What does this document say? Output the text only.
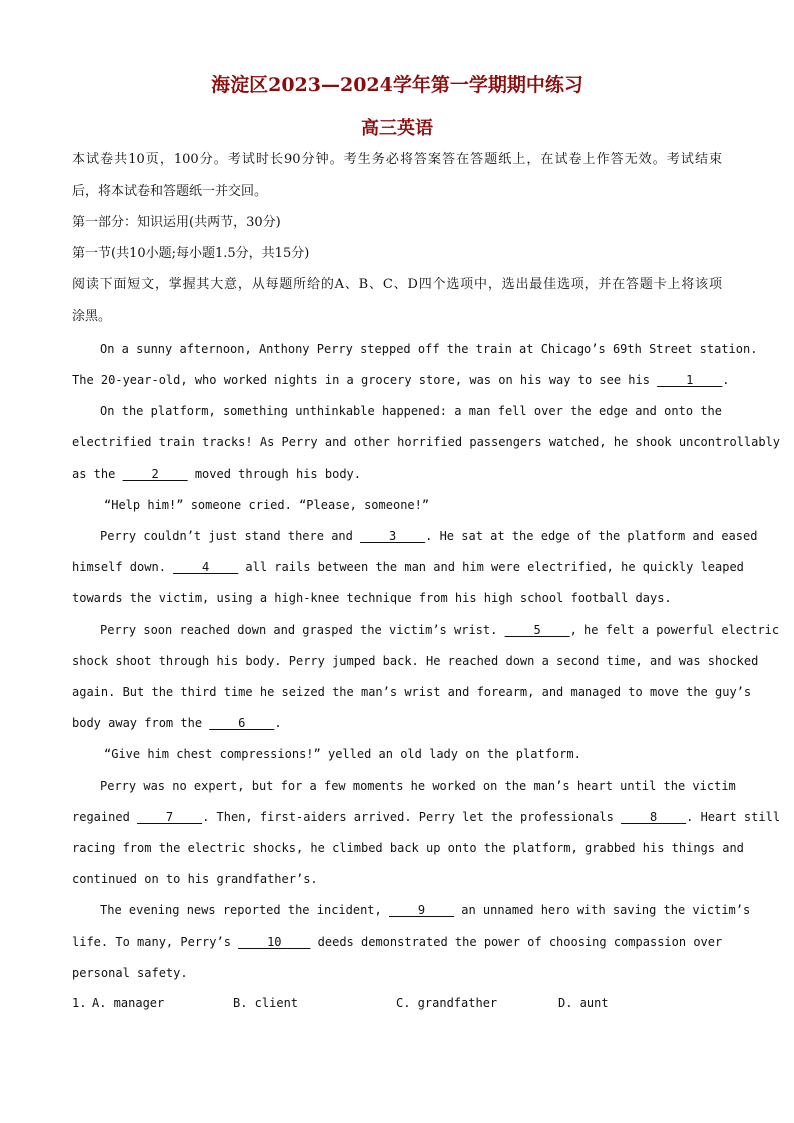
海淀区2023—2024学年第一学期期中练习
高三英语
本试卷共10页，100分。考试时长90分钟。考生务必将答案答在答题纸上，在试卷上作答无效。考试结束
后，将本试卷和答题纸一并交回。
第一部分：知识运用(共两节，30分)
第一节(共10小题;每小题1.5分，共15分)
阅读下面短文，掌握其大意，从每题所给的A、B、C、D四个选项中，选出最佳选项，并在答题卡上将该项
涂黑。
On a sunny afternoon, Anthony Perry stepped off the train at Chicago’s 69th Street station.
The 20-year-old, who worked nights in a grocery store, was on his way to see his ____1____.
On the platform, something unthinkable happened: a man fell over the edge and onto the
electrified train tracks! As Perry and other horrified passengers watched, he shook uncontrollably
as the ____2____ moved through his body.
“Help him!” someone cried. “Please, someone!”
Perry couldn’t just stand there and ____3____. He sat at the edge of the platform and eased
himself down. ____4____ all rails between the man and him were electrified, he quickly leaped
towards the victim, using a high-knee technique from his high school football days.
Perry soon reached down and grasped the victim’s wrist. ____5____, he felt a powerful electric
shock shoot through his body. Perry jumped back. He reached down a second time, and was shocked
again. But the third time he seized the man’s wrist and forearm, and managed to move the guy’s
body away from the ____6____.
“Give him chest compressions!” yelled an old lady on the platform.
Perry was no expert, but for a few moments he worked on the man’s heart until the victim
regained ____7____. Then, first-aiders arrived. Perry let the professionals ____8____. Heart still
racing from the electric shocks, he climbed back up onto the platform, grabbed his things and
continued on to his grandfather’s.
The evening news reported the incident, ____9____ an unnamed hero with saving the victim’s
life. To many, Perry’s ____10____ deeds demonstrated the power of choosing compassion over
personal safety.
1. A. manager	B. client	C. grandfather	D. aunt
